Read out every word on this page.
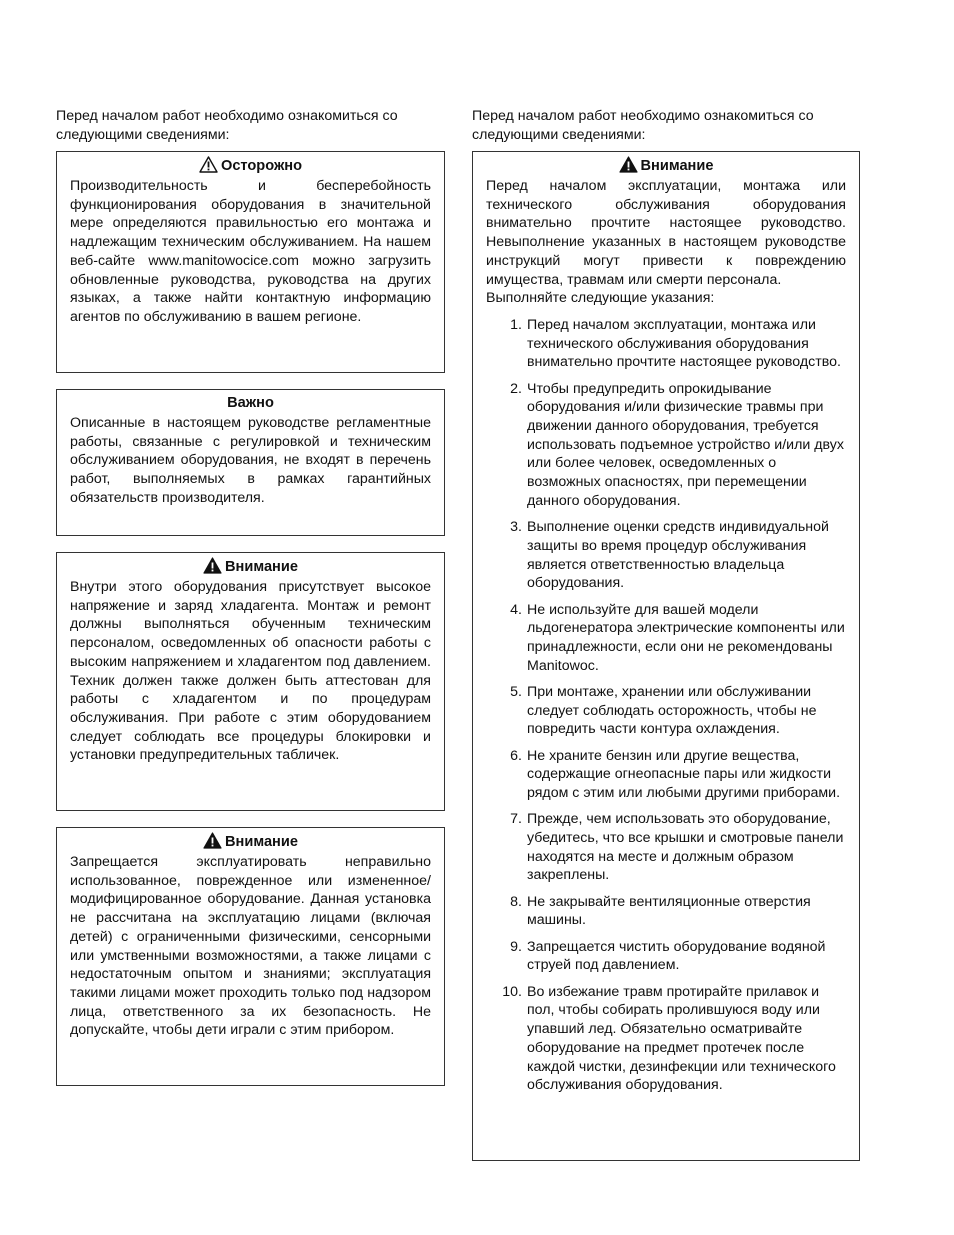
Перед началом работ необходимо ознакомиться со следующими сведениями:

Осторожно

Производительность и бесперебойность функционирования оборудования в значительной мере определяются правильностью его монтажа и надлежащим техническим обслуживанием. На нашем веб-сайте www.manitowocice.com можно загрузить обновленные руководства, руководства на других языках, а также найти контактную информацию агентов по обслуживанию в вашем регионе.

Важно

Описанные в настоящем руководстве регламентные работы, связанные с регулировкой и техническим обслуживанием оборудования, не входят в перечень работ, выполняемых в рамках гарантийных обязательств производителя.

Внимание

Внутри этого оборудования присутствует высокое напряжение и заряд хладагента. Монтаж и ремонт должны выполняться обученным техническим персоналом, осведомленных об опасности работы с высоким напряжением и хладагентом под давлением. Техник должен также должен быть аттестован для работы с хладагентом и по процедурам обслуживания. При работе с этим оборудованием следует соблюдать все процедуры блокировки и установки предупредительных табличек.

Внимание

Запрещается эксплуатировать неправильно использованное, поврежденное или измененное/ модифицированное оборудование. Данная установка не рассчитана на эксплуатацию лицами (включая детей) с ограниченными физическими, сенсорными или умственными возможностями, а также лицами с недостаточным опытом и знаниями; эксплуатация такими лицами может проходить только под надзором лица, ответственного за их безопасность. Не допускайте, чтобы дети играли с этим прибором.

Перед началом работ необходимо ознакомиться со следующими сведениями:

Внимание

Перед началом эксплуатации, монтажа или технического обслуживания оборудования внимательно прочтите настоящее руководство. Невыполнение указанных в настоящем руководстве инструкций могут привести к повреждению имущества, травмам или смерти персонала.

Выполняйте следующие указания:

1. Перед началом эксплуатации, монтажа или технического обслуживания оборудования внимательно прочтите настоящее руководство.
2. Чтобы предупредить опрокидывание оборудования и/или физические травмы при движении данного оборудования, требуется использовать подъемное устройство и/или двух или более человек, осведомленных о возможных опасностях, при перемещении данного оборудования.
3. Выполнение оценки средств индивидуальной защиты во время процедур обслуживания является ответственностью владельца оборудования.
4. Не используйте для вашей модели льдогенератора электрические компоненты или принадлежности, если они не рекомендованы Manitowoc.
5. При монтаже, хранении или обслуживании следует соблюдать осторожность, чтобы не повредить части контура охлаждения.
6. Не храните бензин или другие вещества, содержащие огнеопасные пары или жидкости рядом с этим или любыми другими приборами.
7. Прежде, чем использовать это оборудование, убедитесь, что все крышки и смотровые панели находятся на месте и должным образом закреплены.
8. Не закрывайте вентиляционные отверстия машины.
9. Запрещается чистить оборудование водяной струей под давлением.
10. Во избежание травм протирайте прилавок и пол, чтобы собирать пролившуюся воду или упавший лед. Обязательно осматривайте оборудование на предмет протечек после каждой чистки, дезинфекции или технического обслуживания оборудования.
